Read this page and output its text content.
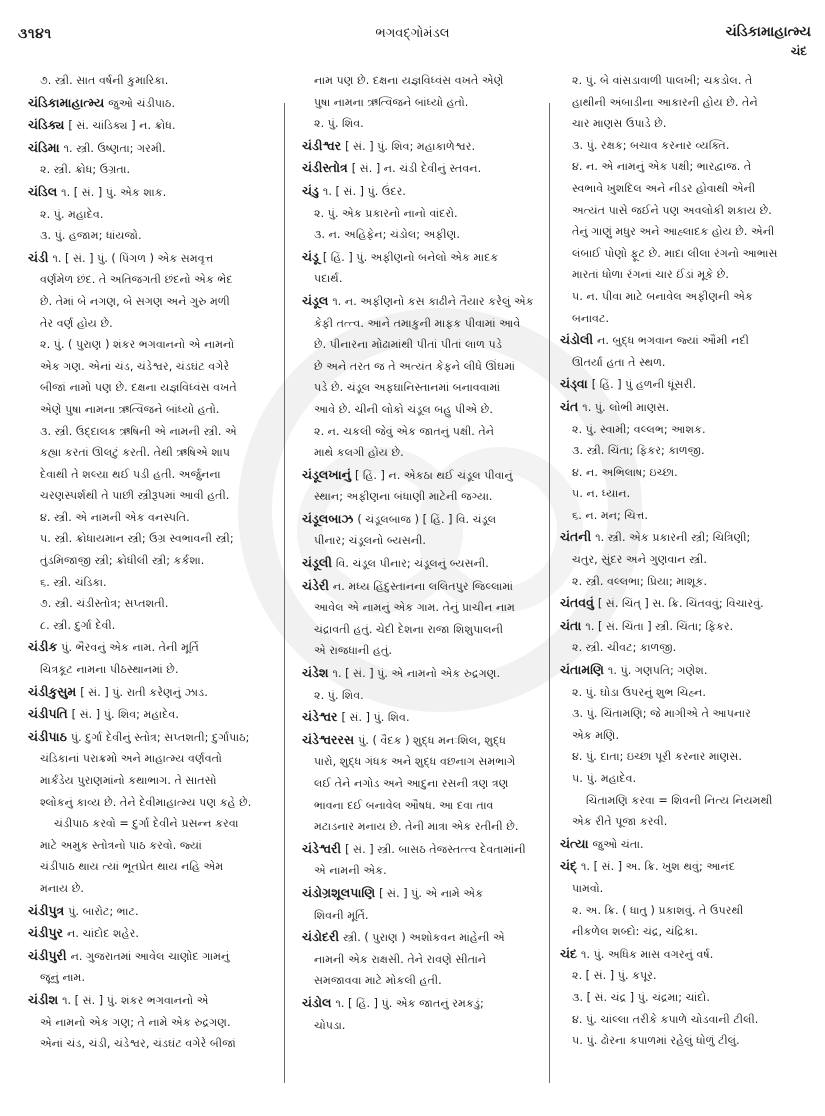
૩૧૪૧	ભગવદ્ગોમંડલ	ચંડિકામાહાત્મ્ય
ચંદ
૭. સ્ત્રી. સાત વર્ષની કુમારિકા.
ચંડિકામાહાત્મ્ય જુઓ ચંડીપાઠ.
ચંડિક્ય [ સં. ચાંડિક્ય ] ન. ક્રોધ.
ચંડિમા ૧. સ્ત્રી. ઉષ્ણતા; ગરમી.
૨. સ્ત્રી. ક્રોધ; ઉગ્રતા.
ચંડિલ ૧. [ સં. ] પું. એક શાક.
૨. પું. મહાદેવ.
૩. પું. હજામ; ધાંયજો.
ચંડી ૧. [ સં. ] પું. ( પિંગળ ) એક સમવૃત્ત
વર્ણમેળ છંદ. તે અતિજગતી છંદનો એક ભેદ
છે. તેમાં બે નગણ, બે સગણ અને ગુરુ મળી
તેર વર્ણ હોય છે.
૨. પું. ( પુરાણ ) શંકર ભગવાનનો એ નામનો
એક ગણ. એનાં ચંડ, ચંડેશ્વર, ચંડઘંટ વગેરે
બીજાં નામો પણ છે. દક્ષના યજ્ઞવિધ્વંસ વખતે
એણે પુષા નામના ઋત્વિજને બાંધ્યો હતો.
૩. સ્ત્રી. ઉદ્દાલક ઋષિની એ નામની સ્ત્રી. એ
કહ્યા કરતાં ઊલટું કરતી. તેથી ઋષિએ શાપ
દેવાથી તે શલ્યા થઈ પડી હતી. અર્જુનના
ચરણસ્પર્શથી તે પાછી સ્ત્રીરૂપમાં આવી હતી.
૪. સ્ત્રી. એ નામની એક વનસ્પતિ.
૫. સ્ત્રી. ક્રોધાયમાન સ્ત્રી; ઉગ્ર સ્વભાવની સ્ત્રી;
તુંડમિજાજી સ્ત્રી; ક્રોધીલી સ્ત્રી; કર્કશા.
૬. સ્ત્રી. ચંડિકા.
૭. સ્ત્રી. ચંડીસ્તોત્ર; સપ્તશતી.
૮. સ્ત્રી. દુર્ગા દેવી.
ચંડીક પું. ભૈરવનું એક નામ. તેની મૂર્તિ
ચિત્રકૂટ નામના પીઠસ્થાનમાં છે.
ચંડીકુસુમ [ સં. ] પું. રાતી કરેણનું ઝાડ.
ચંડીપતિ [ સં. ] પું. શિવ; મહાદેવ.
ચંડીપાઠ પું. દુર્ગા દેવીનું સ્તોત્ર; સપ્તશતી; દુર્ગાપાઠ;
ચંડિકાનાં પરાક્રમો અને માહાત્મ્ય વર્ણવતો
માર્કંડેય પુરાણમાંનો કથાભાગ. તે સાતસો
શ્લોકનું કાવ્ય છે. તેને દેવીમાહાત્મ્ય પણ કહે છે.
ચંડીપાઠ કરવો = દુર્ગા દેવીને પ્રસન્ન કરવા
માટે અમુક સ્તોત્રનો પાઠ કરવો. જ્યાં
ચંડીપાઠ થાય ત્યાં ભૂતપ્રેત થાય નહિ એમ
મનાય છે.
ચંડીપુત્ર પું. બારોટ; ભાટ.
ચંડીપુર ન. ચાંદોદ શહેર.
ચંડીપુરી ન. ગુજરાતમાં આવેલ ચાણોદ ગામનું
જૂનું નામ.
ચંડીશ ૧. [ સં. ] પું. શંકર ભગવાનનો એ
એ નામનો એક ગણ; તે નામે એક રુદ્રગણ.
એનાં ચંડ, ચંડી, ચંડેશ્વર, ચંડઘંટ વગેરે બીજાં
નામ પણ છે. દક્ષના યજ્ઞવિધ્વંસ વખતે એણે
પુષા નામના ઋત્વિજને બાંધ્યો હતો.
૨. પું. શિવ.
ચંડીશ્વર [ સં. ] પું. શિવ; મહાકાળેશ્વર.
ચંડીસ્તોત્ર [ સં. ] ન. ચંડી દેવીનું સ્તવન.
ચંડુ ૧. [ સં. ] પું. ઉંદર.
૨. પું. એક પ્રકારનો નાનો વાંદરો.
૩. ન. અહિફેન; ચંડોલ; અફીણ.
ચંડૂ [ હિં. ] પું. અફીણનો બનેલો એક માદક
પદાર્થ.
ચંડૂલ ૧. ન. અફીણનો કસ કાઢીને તૈયાર કરેલું એક
કેફી તત્ત્વ. આને તમાકુની માફક પીવામાં આવે
છે. પીનારના મોઢામાંથી પીતાં પીતાં લાળ પડે
છે અને તરત જ તે અત્યંત કેફને લીધે ઊંઘમાં
પડે છે. ચંડૂલ અફઘાનિસ્તાનમાં બનાવવામાં
આવે છે. ચીની લોકો ચંડૂલ બહુ પીએ છે.
૨. ન. ચકલી જેવું એક જાતનું પક્ષી. તેને
માથે કલગી હોય છે.
ચંડૂલખાનું [ હિં. ] ન. એકઠા થઈ ચંડૂલ પીવાનું
સ્થાન; અફીણના બંધાણી માટેની જગ્યા.
ચંડૂલબાઝ ( ચંડૂલબાજ ) [ હિં. ] વિ. ચંડૂલ
પીનાર; ચંડૂલનો બ્યસની.
ચંડૂલી વિ. ચંડૂલ પીનાર; ચંડૂલનું બ્યસની.
ચંડેરી ન. મધ્ય હિંદુસ્તાનના લલિતપુર જિલ્લામાં
આવેલ એ નામનું એક ગામ. તેનું પ્રાચીન નામ
ચંદ્રાવતી હતું. ચેદી દેશના રાજા શિશુપાલની
એ રાજધાની હતું.
ચંડેશ ૧. [ સં. ] પું. એ નામનો એક રુદ્રગણ.
૨. પું. શિવ.
ચંડેશ્વર [ સં. ] પું. શિવ.
ચંડેશ્વરરસ પું. ( વૈદક ) શુદ્ધ મનઃશિલ, શુદ્ધ
પારો, શુદ્ધ ગંધક અને શુદ્ધ વછનાગ સમભાગે
લઈ તેને નગોડ અને આદુના રસની ત્રણ ત્રણ
ભાવના દઈ બનાવેલ ઔષધ. આ દવા તાવ
મટાડનાર મનાય છે. તેની માત્રા એક રતીની છે.
ચંડેશ્વરી [ સં. ] સ્ત્રી. બાસઠ તેજસ્તત્ત્વ દેવતામાંની
એ નામની એક.
ચંડોગ્રશૂલપાણિ [ સં. ] પું. એ નામે એક
શિવની મૂર્તિ.
ચંડોદરી સ્ત્રી. ( પુરાણ ) અશોકવન માંહેની એ
નામની એક રાક્ષસી. તેને રાવણે સીતાને
સમજાવવા માટે મોકલી હતી.
ચંડોલ ૧. [ હિં. ] પું. એક જાતનું રમકડું;
ચોપડા.
૨. પું. બે વાંસડાવાળી પાલખી; ચકડોલ. તે
હાથીની અંબાડીના આકારની હોય છે. તેને
ચાર માણસ ઉપાડે છે.
૩. પું. રક્ષક; બચાવ કરનાર વ્યક્તિ.
૪. ન. એ નામનું એક પક્ષી; ભારદ્વાજ. તે
સ્વભાવે ખુશદિલ અને નીડર હોવાથી એની
અત્યંત પાસે જઈને પણ અવલોકી શકાય છે.
તેનું ગાણું મધુર અને આહ્લાદક હોય છે. એની
લંબાઈ પોણો ફૂટ છે. માદા લીલા રંગનો આભાસ
મારતાં ધોળા રંગનાં ચાર ઈંડાં મૂકે છે.
૫. ન. પીવા માટે બનાવેલ અફીણની એક
બનાવટ.
ચંડોલી ન. બુદ્ધ ભગવાન જ્યાં ઔમી નદી
ઊતર્યા હતા તે સ્થળ.
ચંડ્વા [ હિં. ] પું હળની ધૂંસરી.
ચંત ૧. પું. લોભી માણસ.
૨. પું. સ્વામી; વલ્લભ; આશક.
૩. સ્ત્રી. ચિંતા; ફિકર; કાળજી.
૪. ન. અભિલાષ; ઇચ્છા.
૫. ન. ધ્યાન.
૬. ન. મન; ચિત્ત.
ચંતની ૧. સ્ત્રી. એક પ્રકારની સ્ત્રી; ચિત્રિણી;
ચતુર, સુંદર અને ગુણવાન સ્ત્રી.
૨. સ્ત્રી. વલ્લભા; પ્રિયા; માશૂક.
ચંતવવું [ સં. ચિંત્ ] સ. ક્રિ. ચિંતવવું; વિચારવું.
ચંતા ૧. [ સં. ચિંતા ] સ્ત્રી. ચિંતા; ફિકર.
૨. સ્ત્રી. ચીવટ; કાળજી.
ચંતામણિ ૧. પું. ગણપતિ; ગણેશ.
૨. પું. ઘોડા ઉપરનું શુભ ચિહ્ન.
૩. પું. ચિંતામણિ; જે માગીએ તે આપનાર
એક મણિ.
૪. પું. દાતા; ઇચ્છા પૂરી કરનાર માણસ.
૫. પું. મહાદેવ.
ચિંતામણિ કરવા = શિવની નિત્ય નિયમથી
એક રીતે પૂજા કરવી.
ચંત્યા જુઓ ચંતા.
ચંદ્ ૧. [ સં. ] અ. ક્રિ. ખુશ થવું; આનંદ
પામવો.
૨. અ. ક્રિ. ( ધાતુ ) પ્રકાશવું. તે ઉપરથી
નીકળેલ શબ્દો: ચંદ્ર, ચંદ્રિકા.
ચંદ ૧. પું. અધિક માસ વગરનું વર્ષ.
૨. [ સં. ] પું. કપૂર.
૩. [ સં. ચંદ્ર ] પું. ચંદ્રમા; ચાંદો.
૪. પું. ચાંલ્લા તરીકે કપાળે ચોડવાની ટીલી.
૫. પું. ઢોરના કપાળમાં રહેલું ધોળું ટીલું.
